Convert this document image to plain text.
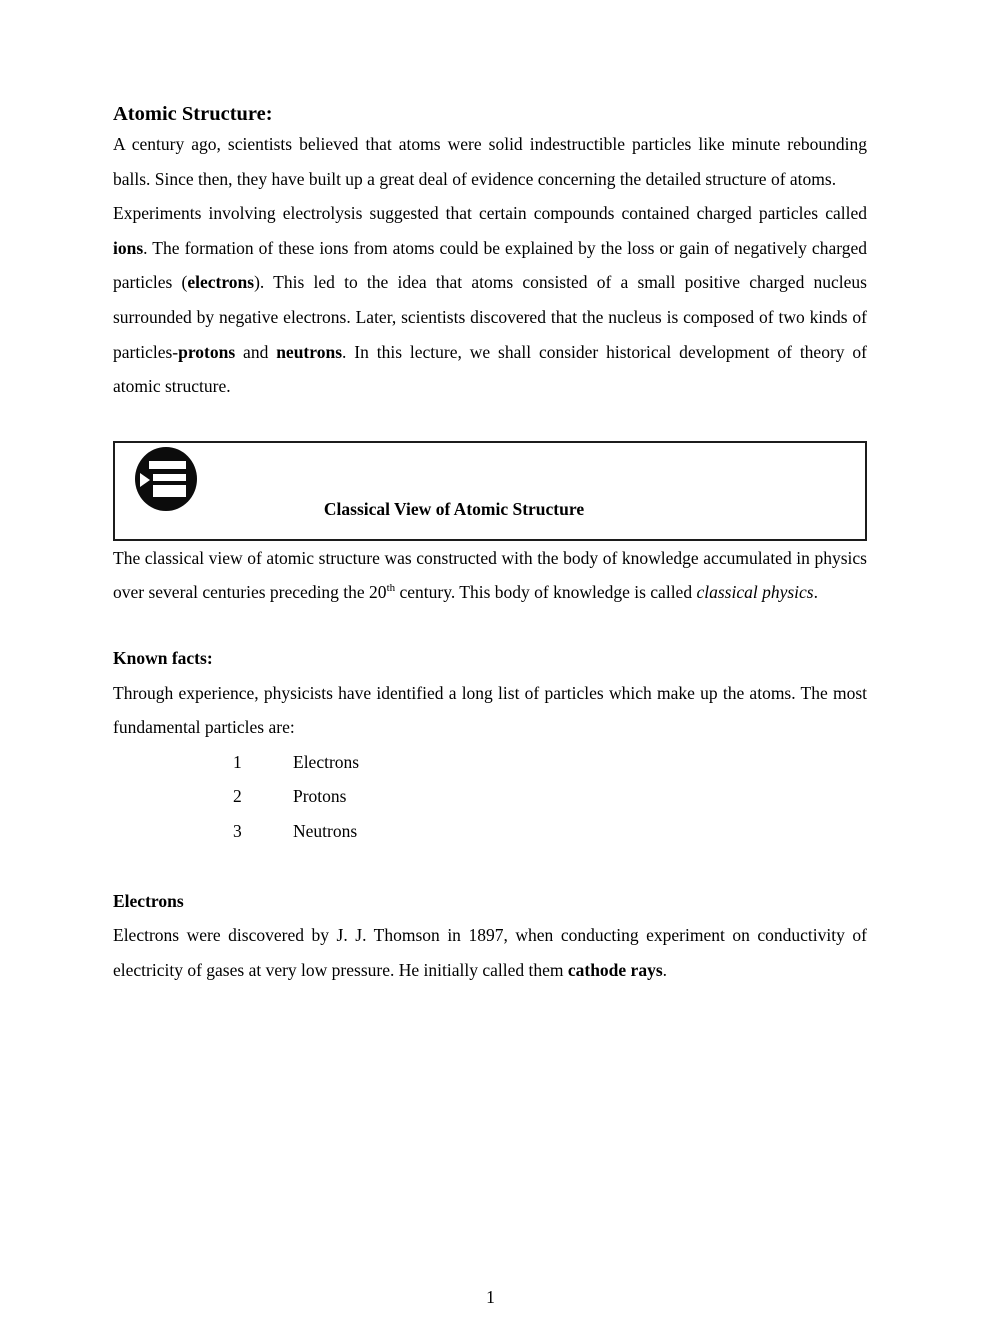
Atomic Structure:

A century ago, scientists believed that atoms were solid indestructible particles like minute rebounding balls. Since then, they have built up a great deal of evidence concerning the detailed structure of atoms.

Experiments involving electrolysis suggested that certain compounds contained charged particles called ions. The formation of these ions from atoms could be explained by the loss or gain of negatively charged particles (electrons). This led to the idea that atoms consisted of a small positive charged nucleus surrounded by negative electrons. Later, scientists discovered that the nucleus is composed of two kinds of particles-protons and neutrons. In this lecture, we shall consider historical development of theory of atomic structure.

Classical View of Atomic Structure

The classical view of atomic structure was constructed with the body of knowledge accumulated in physics over several centuries preceding the 20th century. This body of knowledge is called classical physics.

Known facts:

Through experience, physicists have identified a long list of particles which make up the atoms. The most fundamental particles are:

1	Electrons
2	Protons
3	Neutrons
Electrons

Electrons were discovered by J. J. Thomson in 1897, when conducting experiment on conductivity of electricity of gases at very low pressure. He initially called them cathode rays.

1
